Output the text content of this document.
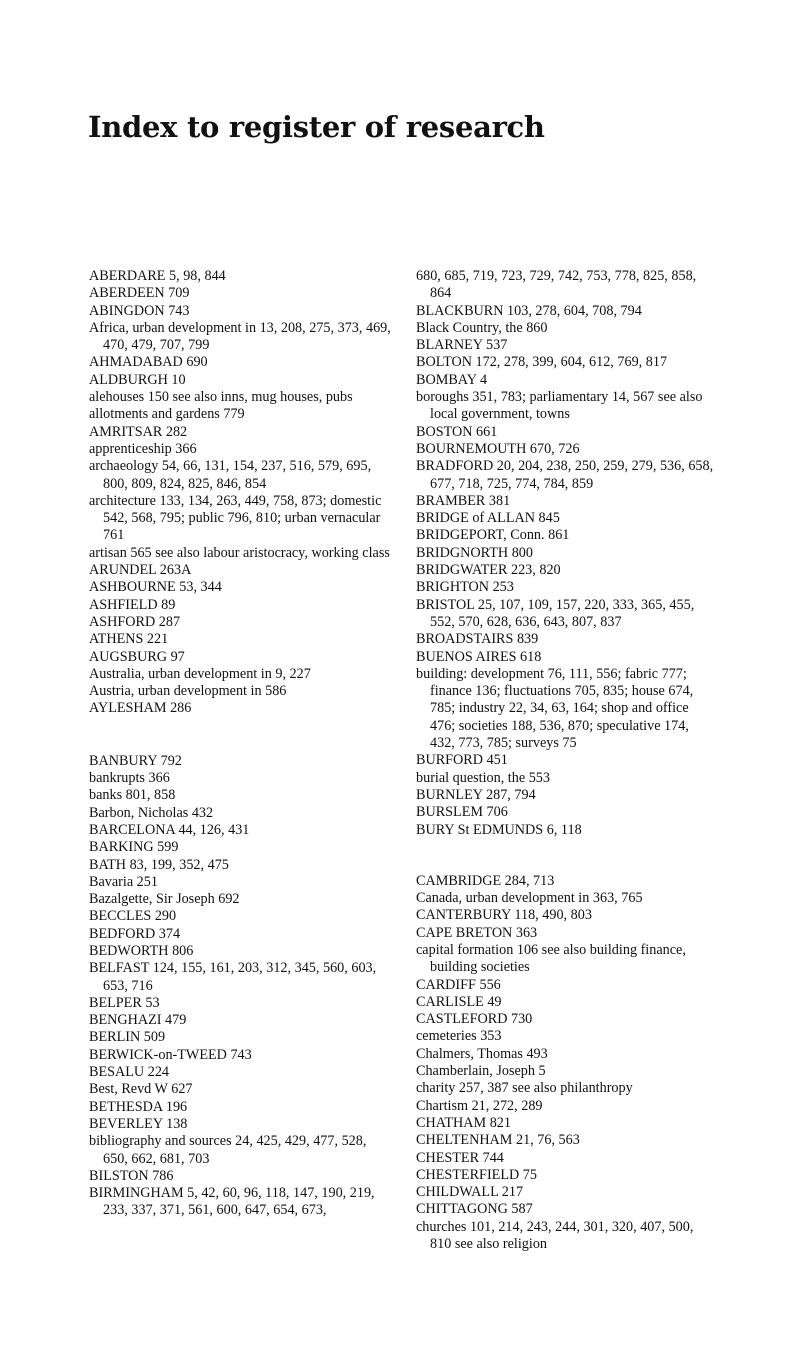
Index to register of research
ABERDARE 5, 98, 844
ABERDEEN 709
ABINGDON 743
Africa, urban development in 13, 208, 275, 373, 469, 470, 479, 707, 799
AHMADABAD 690
ALDBURGH 10
alehouses 150 see also inns, mug houses, pubs
allotments and gardens 779
AMRITSAR 282
apprenticeship 366
archaeology 54, 66, 131, 154, 237, 516, 579, 695, 800, 809, 824, 825, 846, 854
architecture 133, 134, 263, 449, 758, 873; domestic 542, 568, 795; public 796, 810; urban vernacular 761
artisan 565 see also labour aristocracy, working class
ARUNDEL 263A
ASHBOURNE 53, 344
ASHFIELD 89
ASHFORD 287
ATHENS 221
AUGSBURG 97
Australia, urban development in 9, 227
Austria, urban development in 586
AYLESHAM 286
BANBURY 792
bankrupts 366
banks 801, 858
Barbon, Nicholas 432
BARCELONA 44, 126, 431
BARKING 599
BATH 83, 199, 352, 475
Bavaria 251
Bazalgette, Sir Joseph 692
BECCLES 290
BEDFORD 374
BEDWORTH 806
BELFAST 124, 155, 161, 203, 312, 345, 560, 603, 653, 716
BELPER 53
BENGHAZI 479
BERLIN 509
BERWICK-on-TWEED 743
BESALU 224
Best, Revd W 627
BETHESDA 196
BEVERLEY 138
bibliography and sources 24, 425, 429, 477, 528, 650, 662, 681, 703
BILSTON 786
BIRMINGHAM 5, 42, 60, 96, 118, 147, 190, 219, 233, 337, 371, 561, 600, 647, 654, 673,
680, 685, 719, 723, 729, 742, 753, 778, 825, 858, 864
BLACKBURN 103, 278, 604, 708, 794
Black Country, the 860
BLARNEY 537
BOLTON 172, 278, 399, 604, 612, 769, 817
BOMBAY 4
boroughs 351, 783; parliamentary 14, 567 see also local government, towns
BOSTON 661
BOURNEMOUTH 670, 726
BRADFORD 20, 204, 238, 250, 259, 279, 536, 658, 677, 718, 725, 774, 784, 859
BRAMBER 381
BRIDGE of ALLAN 845
BRIDGEPORT, Conn. 861
BRIDGNORTH 800
BRIDGWATER 223, 820
BRIGHTON 253
BRISTOL 25, 107, 109, 157, 220, 333, 365, 455, 552, 570, 628, 636, 643, 807, 837
BROADSTAIRS 839
BUENOS AIRES 618
building: development 76, 111, 556; fabric 777; finance 136; fluctuations 705, 835; house 674, 785; industry 22, 34, 63, 164; shop and office 476; societies 188, 536, 870; speculative 174, 432, 773, 785; surveys 75
BURFORD 451
burial question, the 553
BURNLEY 287, 794
BURSLEM 706
BURY St EDMUNDS 6, 118
CAMBRIDGE 284, 713
Canada, urban development in 363, 765
CANTERBURY 118, 490, 803
CAPE BRETON 363
capital formation 106 see also building finance, building societies
CARDIFF 556
CARLISLE 49
CASTLEFORD 730
cemeteries 353
Chalmers, Thomas 493
Chamberlain, Joseph 5
charity 257, 387 see also philanthropy
Chartism 21, 272, 289
CHATHAM 821
CHELTENHAM 21, 76, 563
CHESTER 744
CHESTERFIELD 75
CHILDWALL 217
CHITTAGONG 587
churches 101, 214, 243, 244, 301, 320, 407, 500, 810 see also religion
